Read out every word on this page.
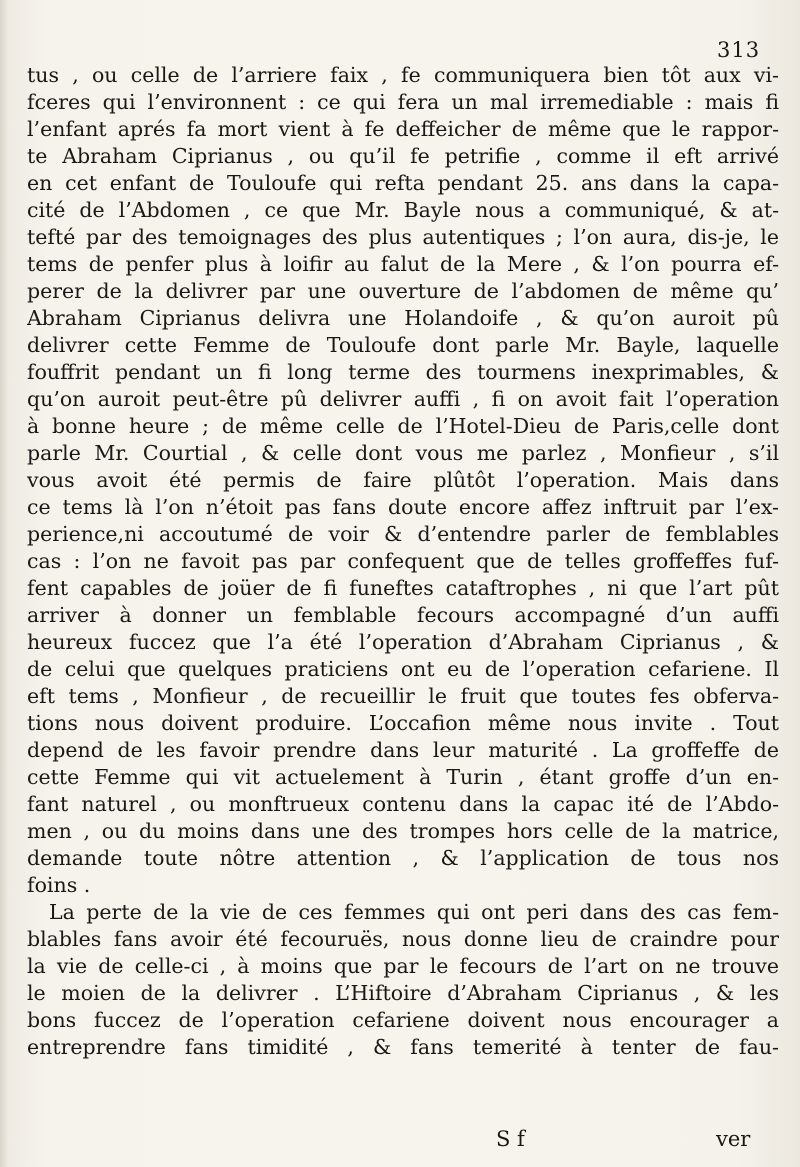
313
tus , ou celle de l’arriere faix , fe communiquera bien tôt aux vi-
fceres qui l’environnent : ce qui fera un mal irremediable : mais fi
l’enfant aprés fa mort vient à fe deffeicher de même que le rappor-
te Abraham Ciprianus , ou qu’il fe petrifie , comme il eft arrivé
en cet enfant de Touloufe qui refta pendant 25. ans dans la capa-
cité de l’Abdomen , ce que Mr. Bayle nous a communiqué, & at-
tefté par des temoignages des plus autentiques ; l’on aura, dis-je, le
tems de penfer plus à loifir au falut de la Mere , & l’on pourra ef-
perer de la delivrer par une ouverture de l’abdomen de même qu’
Abraham Ciprianus delivra une Holandoife , & qu’on auroit pû
delivrer cette Femme de Touloufe dont parle Mr. Bayle, laquelle
fouffrit pendant un fi long terme des tourmens inexprimables, &
qu’on auroit peut-être pû delivrer auffi , fi on avoit fait l’operation
à bonne heure ; de même celle de l’Hotel-Dieu de Paris,celle dont
parle Mr. Courtial , & celle dont vous me parlez , Monfieur , s’il
vous avoit été permis de faire plûtôt l’operation. Mais dans
ce tems là l’on n’étoit pas fans doute encore affez inftruit par l’ex-
perience,ni accoutumé de voir & d’entendre parler de femblables
cas : l’on ne favoit pas par confequent que de telles groffeffes fuf-
fent capables de joüer de fi funeftes cataftrophes , ni que l’art pût
arriver à donner un femblable fecours accompagné d’un auffi
heureux fuccez que l’a été l’operation d’Abraham Ciprianus , &
de celui que quelques praticiens ont eu de l’operation cefariene. Il
eft tems , Monfieur , de recueillir le fruit que toutes fes obferva-
tions nous doivent produire. L’occafion même nous invite . Tout
depend de les favoir prendre dans leur maturité . La groffeffe de
cette Femme qui vit actuelement à Turin , étant groffe d’un en-
fant naturel , ou monftrueux contenu dans la capac ité de l’Abdo-
men , ou du moins dans une des trompes hors celle de la matrice,
demande toute nôtre attention , & l’application de tous nos
foins .
La perte de la vie de ces femmes qui ont peri dans des cas fem-
blables fans avoir été fecouruës, nous donne lieu de craindre pour
la vie de celle-ci , à moins que par le fecours de l’art on ne trouve
le moien de la delivrer . L’Hiftoire d’Abraham Ciprianus , & les
bons fuccez de l’operation cefariene doivent nous encourager a
entreprendre fans timidité , & fans temerité à tenter de fau-
S f	ver
